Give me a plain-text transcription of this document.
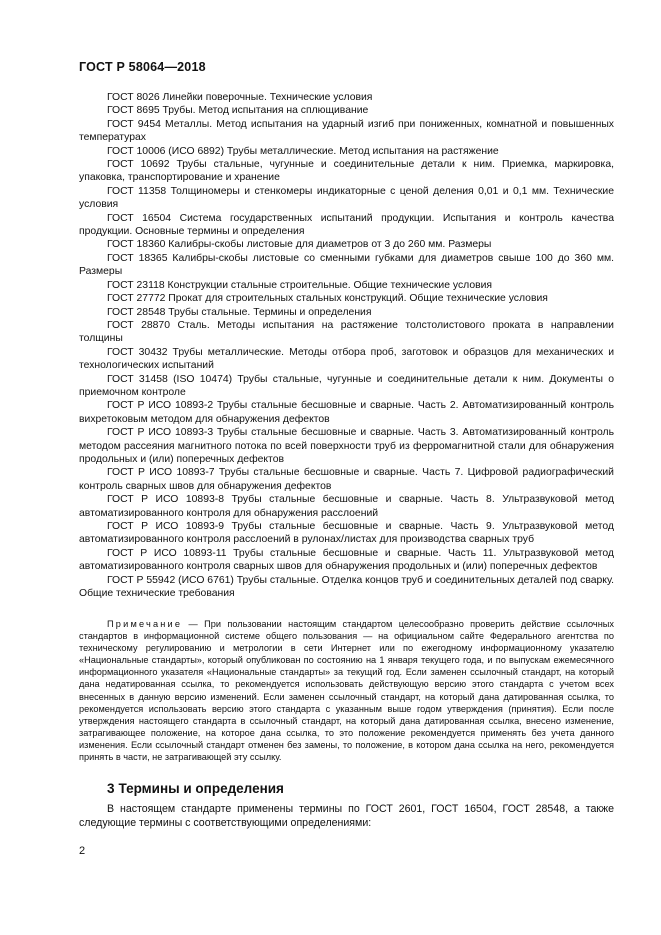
ГОСТ Р 58064—2018

ГОСТ 8026 Линейки поверочные. Технические условия

ГОСТ 8695 Трубы. Метод испытания на сплющивание

ГОСТ 9454 Металлы. Метод испытания на ударный изгиб при пониженных, комнатной и повышенных температурах

ГОСТ 10006 (ИСО 6892) Трубы металлические. Метод испытания на растяжение

ГОСТ 10692 Трубы стальные, чугунные и соединительные детали к ним. Приемка, маркировка, упаковка, транспортирование и хранение

ГОСТ 11358 Толщиномеры и стенкомеры индикаторные с ценой деления 0,01 и 0,1 мм. Технические условия

ГОСТ 16504 Система государственных испытаний продукции. Испытания и контроль качества продукции. Основные термины и определения

ГОСТ 18360 Калибры-скобы листовые для диаметров от 3 до 260 мм. Размеры

ГОСТ 18365 Калибры-скобы листовые со сменными губками для диаметров свыше 100 до 360 мм. Размеры

ГОСТ 23118 Конструкции стальные строительные. Общие технические условия

ГОСТ 27772 Прокат для строительных стальных конструкций. Общие технические условия

ГОСТ 28548 Трубы стальные. Термины и определения

ГОСТ 28870 Сталь. Методы испытания на растяжение толстолистового проката в направлении толщины

ГОСТ 30432 Трубы металлические. Методы отбора проб, заготовок и образцов для механических и технологических испытаний

ГОСТ 31458 (ISO 10474) Трубы стальные, чугунные и соединительные детали к ним. Документы о приемочном контроле

ГОСТ Р ИСО 10893-2 Трубы стальные бесшовные и сварные. Часть 2. Автоматизированный контроль вихретоковым методом для обнаружения дефектов

ГОСТ Р ИСО 10893-3 Трубы стальные бесшовные и сварные. Часть 3. Автоматизированный контроль методом рассеяния магнитного потока по всей поверхности труб из ферромагнитной стали для обнаружения продольных и (или) поперечных дефектов

ГОСТ Р ИСО 10893-7 Трубы стальные бесшовные и сварные. Часть 7. Цифровой радиографический контроль сварных швов для обнаружения дефектов

ГОСТ Р ИСО 10893-8 Трубы стальные бесшовные и сварные. Часть 8. Ультразвуковой метод автоматизированного контроля для обнаружения расслоений

ГОСТ Р ИСО 10893-9 Трубы стальные бесшовные и сварные. Часть 9. Ультразвуковой метод автоматизированного контроля расслоений в рулонах/листах для производства сварных труб

ГОСТ Р ИСО 10893-11 Трубы стальные бесшовные и сварные. Часть 11. Ультразвуковой метод автоматизированного контроля сварных швов для обнаружения продольных и (или) поперечных дефектов

ГОСТ Р 55942 (ИСО 6761) Трубы стальные. Отделка концов труб и соединительных деталей под сварку. Общие технические требования

Примечание — При пользовании настоящим стандартом целесообразно проверить действие ссылочных стандартов в информационной системе общего пользования — на официальном сайте Федерального агентства по техническому регулированию и метрологии в сети Интернет или по ежегодному информационному указателю «Национальные стандарты», который опубликован по состоянию на 1 января текущего года, и по выпускам ежемесячного информационного указателя «Национальные стандарты» за текущий год. Если заменен ссылочный стандарт, на который дана недатированная ссылка, то рекомендуется использовать действующую версию этого стандарта с учетом всех внесенных в данную версию изменений. Если заменен ссылочный стандарт, на который дана датированная ссылка, то рекомендуется использовать версию этого стандарта с указанным выше годом утверждения (принятия). Если после утверждения настоящего стандарта в ссылочный стандарт, на который дана датированная ссылка, внесено изменение, затрагивающее положение, на которое дана ссылка, то это положение рекомендуется применять без учета данного изменения. Если ссылочный стандарт отменен без замены, то положение, в котором дана ссылка на него, рекомендуется принять в части, не затрагивающей эту ссылку.
3 Термины и определения
В настоящем стандарте применены термины по ГОСТ 2601, ГОСТ 16504, ГОСТ 28548, а также следующие термины с соответствующими определениями:
2
